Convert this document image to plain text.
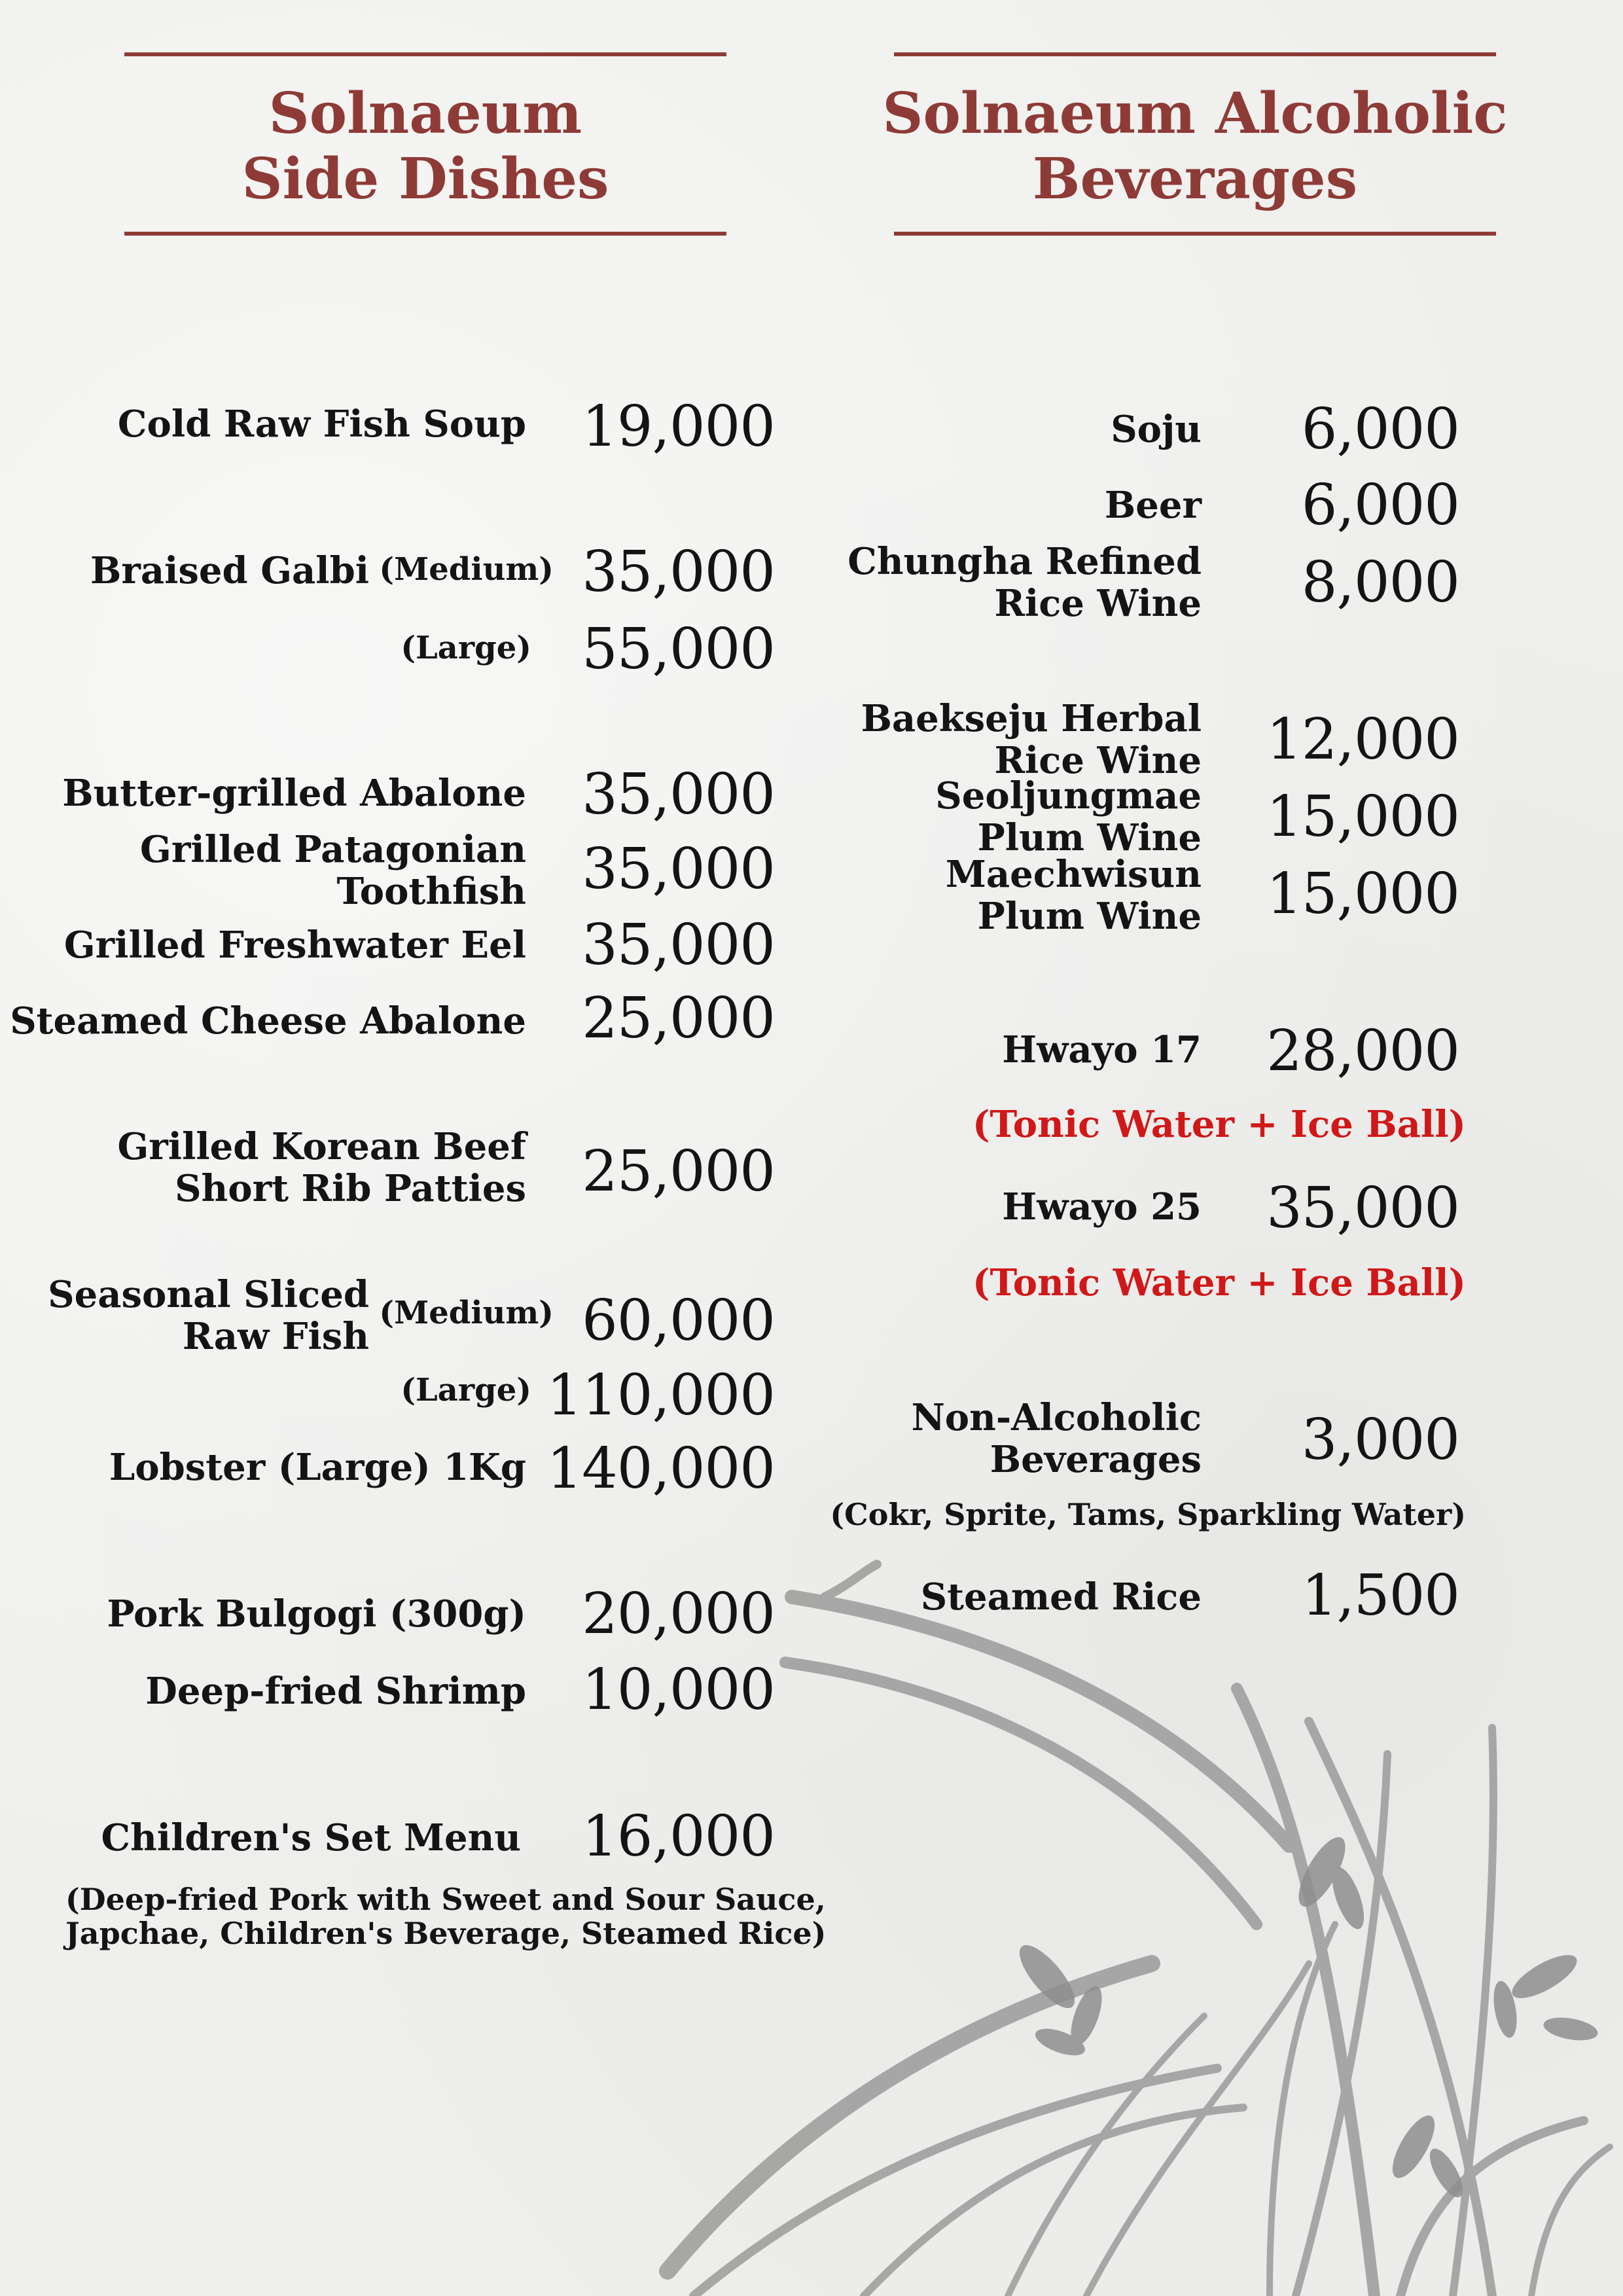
Solnaeum
Side Dishes
Solnaeum Alcoholic
Beverages
Cold Raw Fish Soup 19,000
Braised Galbi (Medium) 35,000
(Large) 55,000
Butter-grilled Abalone 35,000
Grilled Patagonian
Toothfish 35,000
Grilled Freshwater Eel 35,000
Steamed Cheese Abalone 25,000
Grilled Korean Beef
Short Rib Patties 25,000
Seasonal Sliced
Raw Fish
(Medium) 60,000
(Large) 110,000
Lobster (Large) 1Kg 140,000
Pork Bulgogi (300g) 20,000
Deep-fried Shrimp 10,000
Children's Set Menu 16,000
(Deep-fried Pork with Sweet and Sour Sauce,
Japchae, Children's Beverage, Steamed Rice)
Soju 6,000
Beer 6,000
Chungha Refined
Rice Wine 8,000
Baekseju Herbal
Rice Wine 12,000
Seoljungmae
Plum Wine 15,000
Maechwisun
Plum Wine 15,000
Hwayo 17 28,000
(Tonic Water + Ice Ball)
Hwayo 25 35,000
(Tonic Water + Ice Ball)
Non-Alcoholic
Beverages 3,000
(Cokr, Sprite, Tams, Sparkling Water)
Steamed Rice 1,500
